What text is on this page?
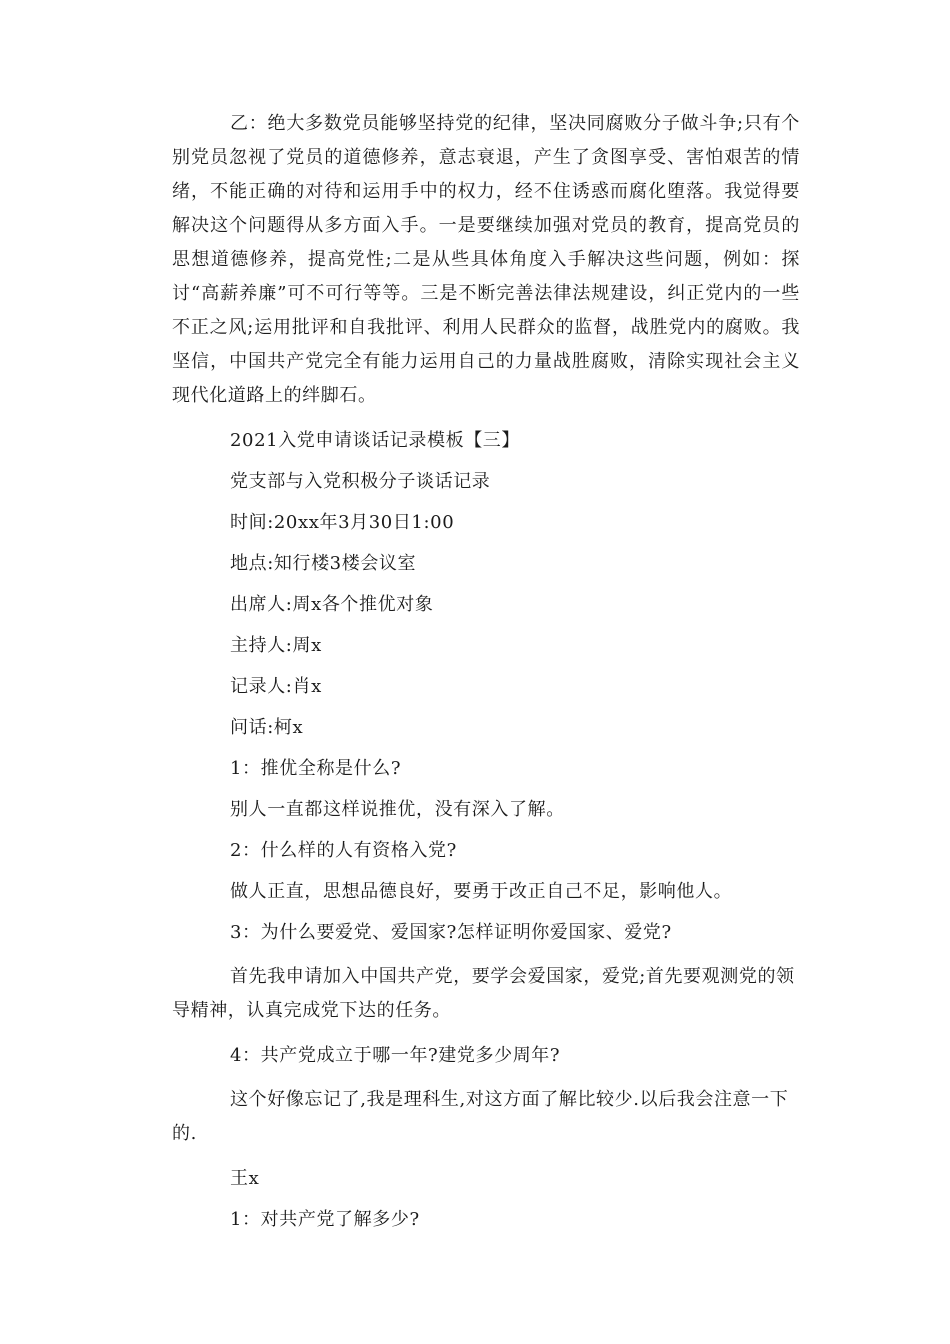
乙：绝大多数党员能够坚持党的纪律，坚决同腐败分子做斗争;只有个别党员忽视了党员的道德修养，意志衰退，产生了贪图享受、害怕艰苦的情绪，不能正确的对待和运用手中的权力，经不住诱惑而腐化堕落。我觉得要解决这个问题得从多方面入手。一是要继续加强对党员的教育，提高党员的思想道德修养，提高党性;二是从些具体角度入手解决这些问题，例如：探讨“高薪养廉”可不可行等等。三是不断完善法律法规建设，纠正党内的一些不正之风;运用批评和自我批评、利用人民群众的监督，战胜党内的腐败。我坚信，中国共产党完全有能力运用自己的力量战胜腐败，清除实现社会主义现代化道路上的绊脚石。

2021入党申请谈话记录模板【三】

党支部与入党积极分子谈话记录

时间:20xx年3月30日1:00

地点:知行楼3楼会议室

出席人:周x各个推优对象

主持人:周x

记录人:肖x

问话:柯x

1：推优全称是什么?

别人一直都这样说推优，没有深入了解。

2：什么样的人有资格入党?

做人正直，思想品德良好，要勇于改正自己不足，影响他人。

3：为什么要爱党、爱国家?怎样证明你爱国家、爱党?

首先我申请加入中国共产党，要学会爱国家，爱党;首先要观测党的领导精神，认真完成党下达的任务。

4：共产党成立于哪一年?建党多少周年?

这个好像忘记了,我是理科生,对这方面了解比较少.以后我会注意一下的.

王x

1：对共产党了解多少?
